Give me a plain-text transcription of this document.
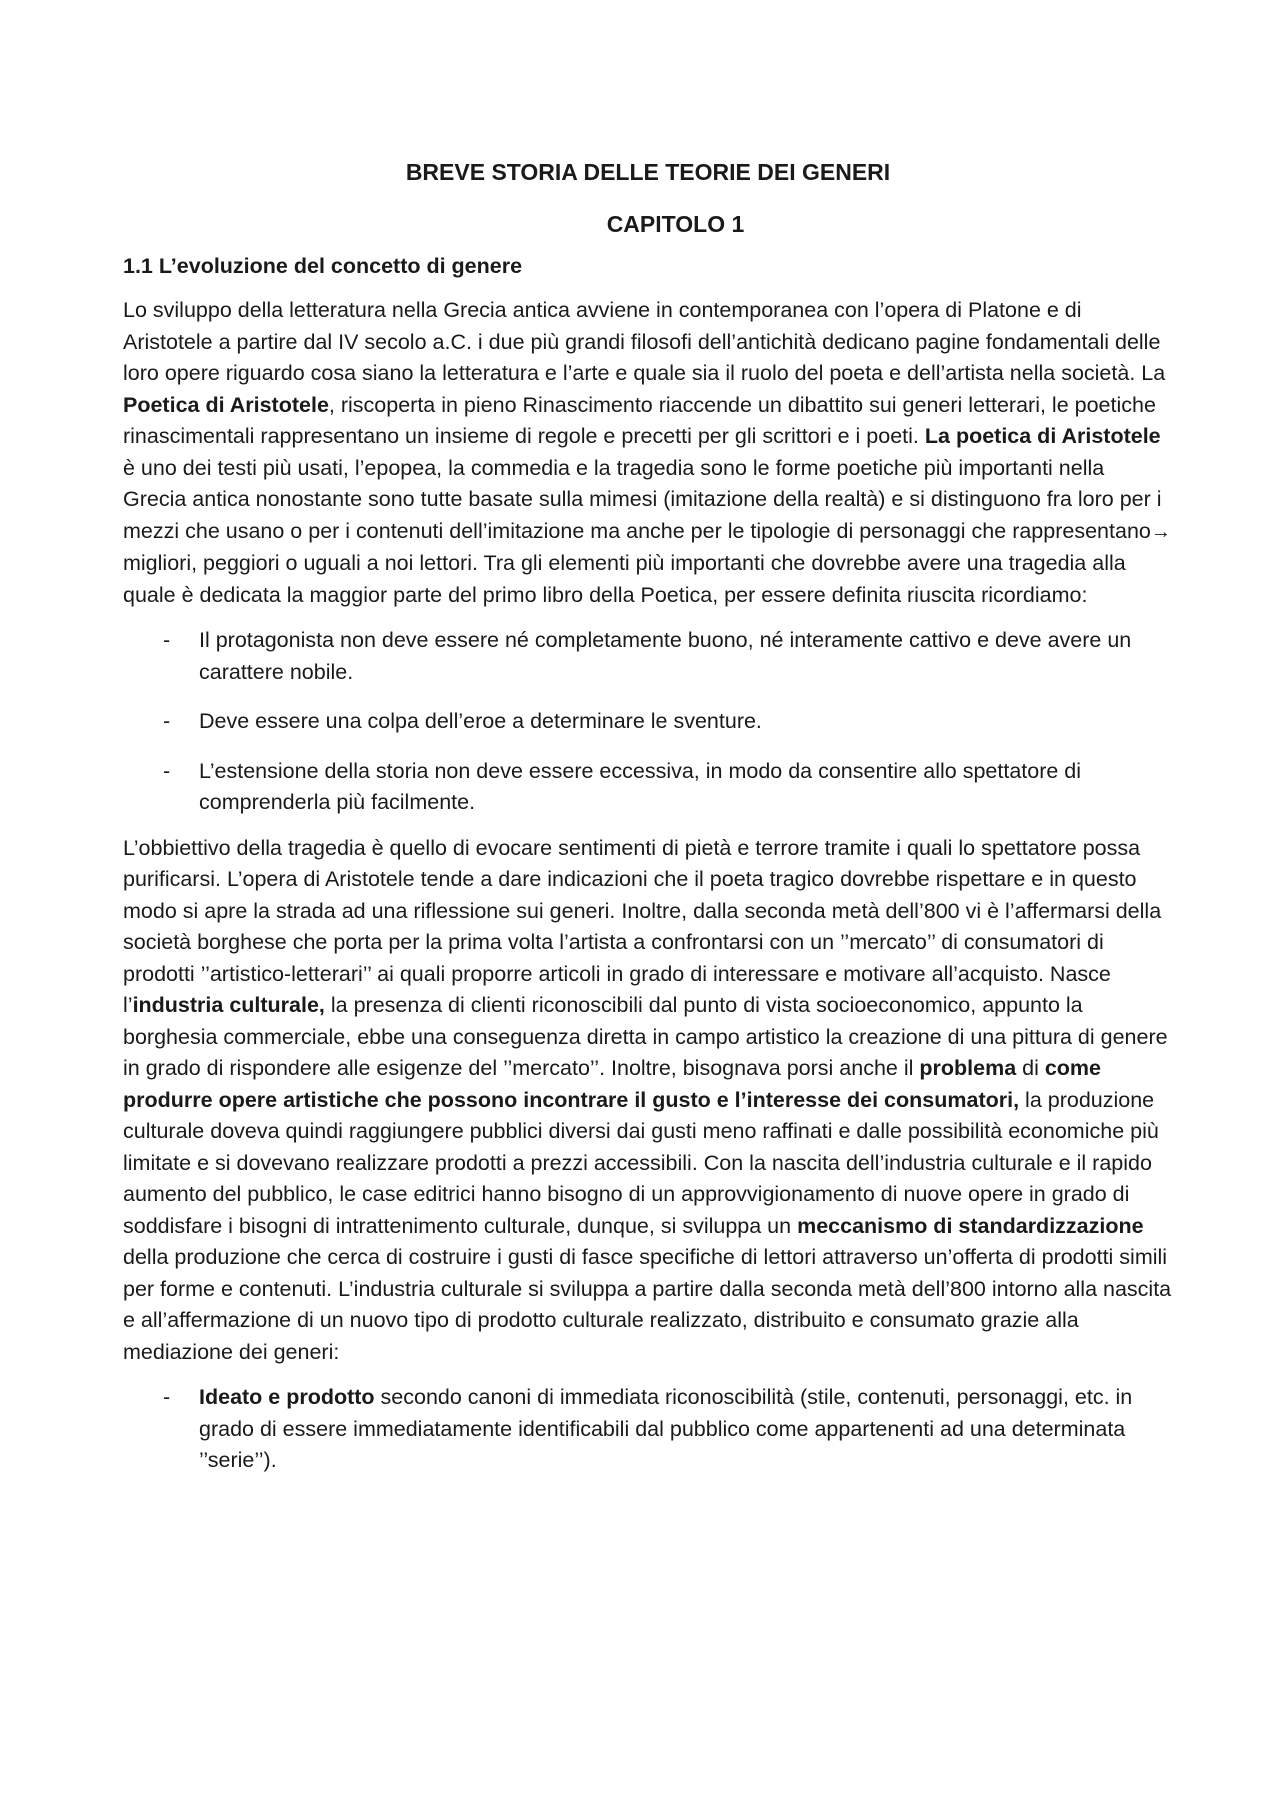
BREVE STORIA DELLE TEORIE DEI GENERI
CAPITOLO 1
1.1 L’evoluzione del concetto di genere

Lo sviluppo della letteratura nella Grecia antica avviene in contemporanea con l’opera di Platone e di Aristotele a partire dal IV secolo a.C. i due più grandi filosofi dell’antichità dedicano pagine fondamentali delle loro opere riguardo cosa siano la letteratura e l’arte e quale sia il ruolo del poeta e dell’artista nella società. La Poetica di Aristotele, riscoperta in pieno Rinascimento riaccende un dibattito sui generi letterari, le poetiche rinascimentali rappresentano un insieme di regole e precetti per gli scrittori e i poeti. La poetica di Aristotele è uno dei testi più usati, l’epopea, la commedia e la tragedia sono le forme poetiche più importanti nella Grecia antica nonostante sono tutte basate sulla mimesi (imitazione della realtà) e si distinguono fra loro per i mezzi che usano o per i contenuti dell’imitazione ma anche per le tipologie di personaggi che rappresentano→ migliori, peggiori o uguali a noi lettori. Tra gli elementi più importanti che dovrebbe avere una tragedia alla quale è dedicata la maggior parte del primo libro della Poetica, per essere definita riuscita ricordiamo:

- Il protagonista non deve essere né completamente buono, né interamente cattivo e deve avere un carattere nobile.
- Deve essere una colpa dell’eroe a determinare le sventure.
- L’estensione della storia non deve essere eccessiva, in modo da consentire allo spettatore di comprenderla più facilmente.

L’obbiettivo della tragedia è quello di evocare sentimenti di pietà e terrore tramite i quali lo spettatore possa purificarsi. L’opera di Aristotele tende a dare indicazioni che il poeta tragico dovrebbe rispettare e in questo modo si apre la strada ad una riflessione sui generi. Inoltre, dalla seconda metà dell’800 vi è l’affermarsi della società borghese che porta per la prima volta l’artista a confrontarsi con un ’’mercato’’ di consumatori di prodotti ’’artistico-letterari’’ ai quali proporre articoli in grado di interessare e motivare all’acquisto. Nasce l’industria culturale, la presenza di clienti riconoscibili dal punto di vista socioeconomico, appunto la borghesia commerciale, ebbe una conseguenza diretta in campo artistico la creazione di una pittura di genere in grado di rispondere alle esigenze del ’’mercato’’. Inoltre, bisognava porsi anche il problema di come produrre opere artistiche che possono incontrare il gusto e l’interesse dei consumatori, la produzione culturale doveva quindi raggiungere pubblici diversi dai gusti meno raffinati e dalle possibilità economiche più limitate e si dovevano realizzare prodotti a prezzi accessibili. Con la nascita dell’industria culturale e il rapido aumento del pubblico, le case editrici hanno bisogno di un approvvigionamento di nuove opere in grado di soddisfare i bisogni di intrattenimento culturale, dunque, si sviluppa un meccanismo di standardizzazione della produzione che cerca di costruire i gusti di fasce specifiche di lettori attraverso un’offerta di prodotti simili per forme e contenuti. L’industria culturale si sviluppa a partire dalla seconda metà dell’800 intorno alla nascita e all’affermazione di un nuovo tipo di prodotto culturale realizzato, distribuito e consumato grazie alla mediazione dei generi:

- Ideato e prodotto secondo canoni di immediata riconoscibilità (stile, contenuti, personaggi, etc. in grado di essere immediatamente identificabili dal pubblico come appartenenti ad una determinata ’’serie’’).
